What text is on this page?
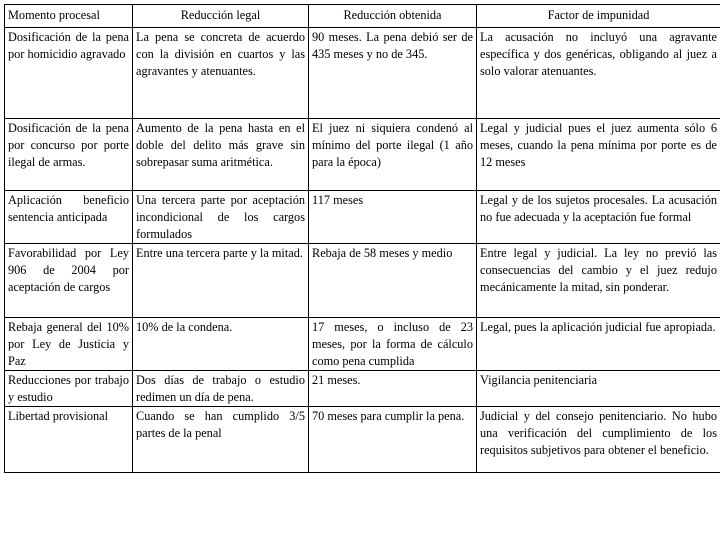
Momento procesal	Reducción legal	Reducción obtenida	Factor de impunidad
Dosificación de la pena por homicidio agravado	La pena se concreta de acuerdo con la división en cuartos y las agravantes y atenuantes.	90 meses. La pena debió ser de 435 meses y no de 345.	La acusación no incluyó una agravante específica y dos genéricas, obligando al juez a solo valorar atenuantes.
Dosificación de la pena por concurso por porte ilegal de armas.	Aumento de la pena hasta en el doble del delito más grave sin sobrepasar suma aritmética.	El juez ni siquiera condenó al mínimo del porte ilegal (1 año para la época)	Legal y judicial pues el juez aumenta sólo 6 meses, cuando la pena mínima por porte es de 12 meses
Aplicación beneficio sentencia anticipada	Una tercera parte por aceptación incondicional de los cargos formulados	117 meses	Legal y de los sujetos procesales. La acusación no fue adecuada y la aceptación fue formal
Favorabilidad por Ley 906 de 2004 por aceptación de cargos	Entre una tercera parte y la mitad.	Rebaja de 58 meses y medio	Entre legal y judicial. La ley no previó las consecuencias del cambio y el juez redujo mecánicamente la mitad, sin ponderar.
Rebaja general del 10% por Ley de Justicia y Paz	10% de la condena.	17 meses, o incluso de 23 meses, por la forma de cálculo como pena cumplida	Legal, pues la aplicación judicial fue apropiada.
Reducciones por trabajo y estudio	Dos días de trabajo o estudio redimen un día de pena.	21 meses.	Vigilancia penitenciaria
Libertad provisional	Cuando se han cumplido 3/5 partes de la penal	70 meses para cumplir la pena.	Judicial y del consejo penitenciario. No hubo una verificación del cumplimiento de los requisitos subjetivos para obtener el beneficio.
